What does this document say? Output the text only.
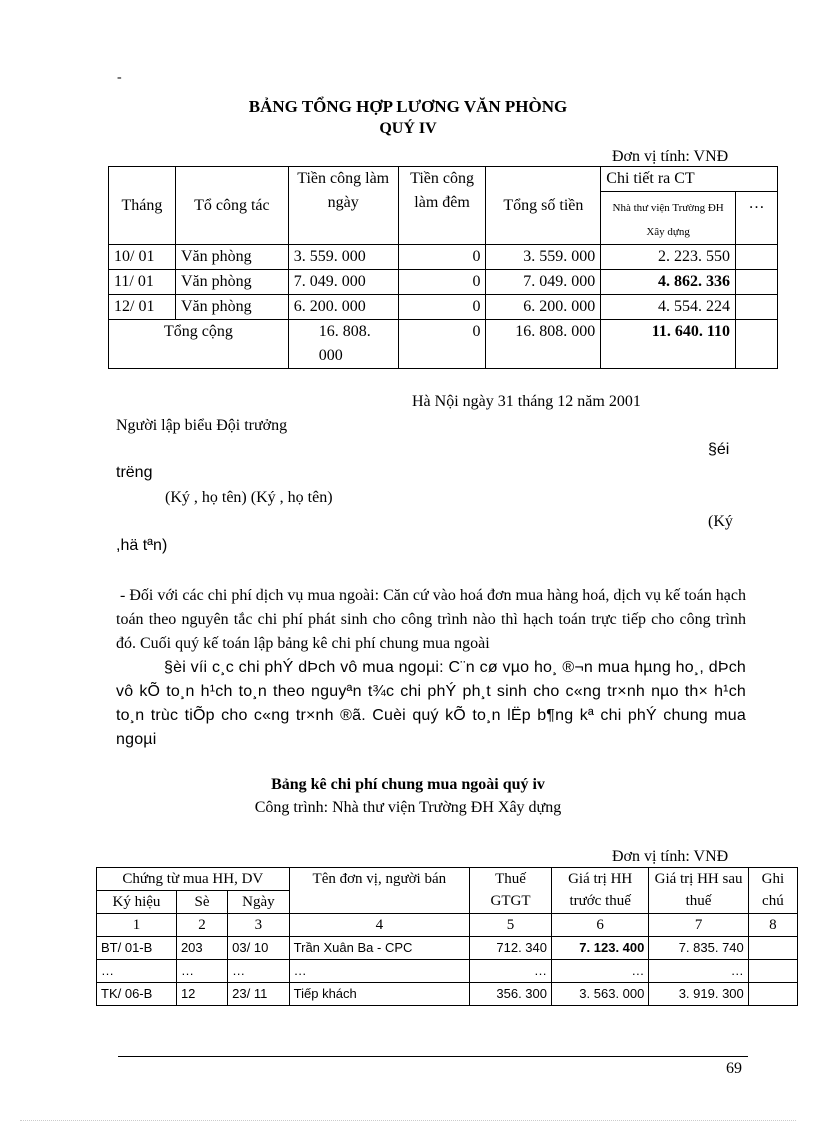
-
BẢNG TỔNG HỢP LƯƠNG VĂN PHÒNG
QUÝ IV
Đơn vị tính: VNĐ
Tháng	Tổ công tác	Tiền công làm ngày	Tiền công làm đêm	Tổng số tiền	Chi tiết ra CT	
					Nhà thư viện Trường ĐH Xây dựng	…
10/ 01	Văn phòng	3. 559. 000	0	3. 559. 000	2. 223. 550	
11/ 01	Văn phòng	7. 049. 000	0	7. 049. 000	4. 862. 336	
12/ 01	Văn phòng	6. 200. 000	0	6. 200. 000	4. 554. 224	
Tổng cộng		16. 808. 000	0	16. 808. 000	11. 640. 110	
Hà Nội ngày 31 tháng 12 năm 2001
Người lập biểu Đội trưởng
§éi
trëng
(Ký , họ tên) (Ký , họ tên)
(Ký
,hä tªn)
- Đối với các chi phí dịch vụ mua ngoài: Căn cứ vào hoá đơn mua hàng hoá, dịch vụ kế toán hạch toán theo nguyên tắc chi phí phát sinh cho công trình nào thì hạch toán trực tiếp cho công trình đó. Cuối quý kế toán lập bảng kê chi phí chung mua ngoài
§èi víi c¸c chi phÝ dÞch vô mua ngoµi: C¨n cø vµo ho¸ ®¬n mua hµng ho¸, dÞch vô kÕ to¸n h¹ch to¸n theo nguyªn t¾c chi phÝ ph¸t sinh cho c«ng tr×nh nµo th× h¹ch to¸n trùc tiÕp cho c«ng tr×nh ®ã. Cuèi quý kÕ to¸n lËp b¶ng kª chi phÝ chung mua ngoµi
Bảng kê chi phí chung mua ngoài quý iv
Công trình: Nhà thư viện Trường ĐH Xây dựng
Đơn vị tính: VNĐ
Chứng từ mua HH, DV			Tên đơn vị, người bán	Thuế GTGT	Giá trị HH trước thuế	Giá trị HH sau thuế	Ghi chú
Ký hiệu	Sè	Ngày					
1	2	3	4	5	6	7	8
BT/ 01-B	203	03/ 10	Trần Xuân Ba - CPC	712. 340	7. 123. 400	7. 835. 740	
…	…	…	…	…	…	…	
TK/ 06-B	12	23/ 11	Tiếp khách	356. 300	3. 563. 000	3. 919. 300	
69
